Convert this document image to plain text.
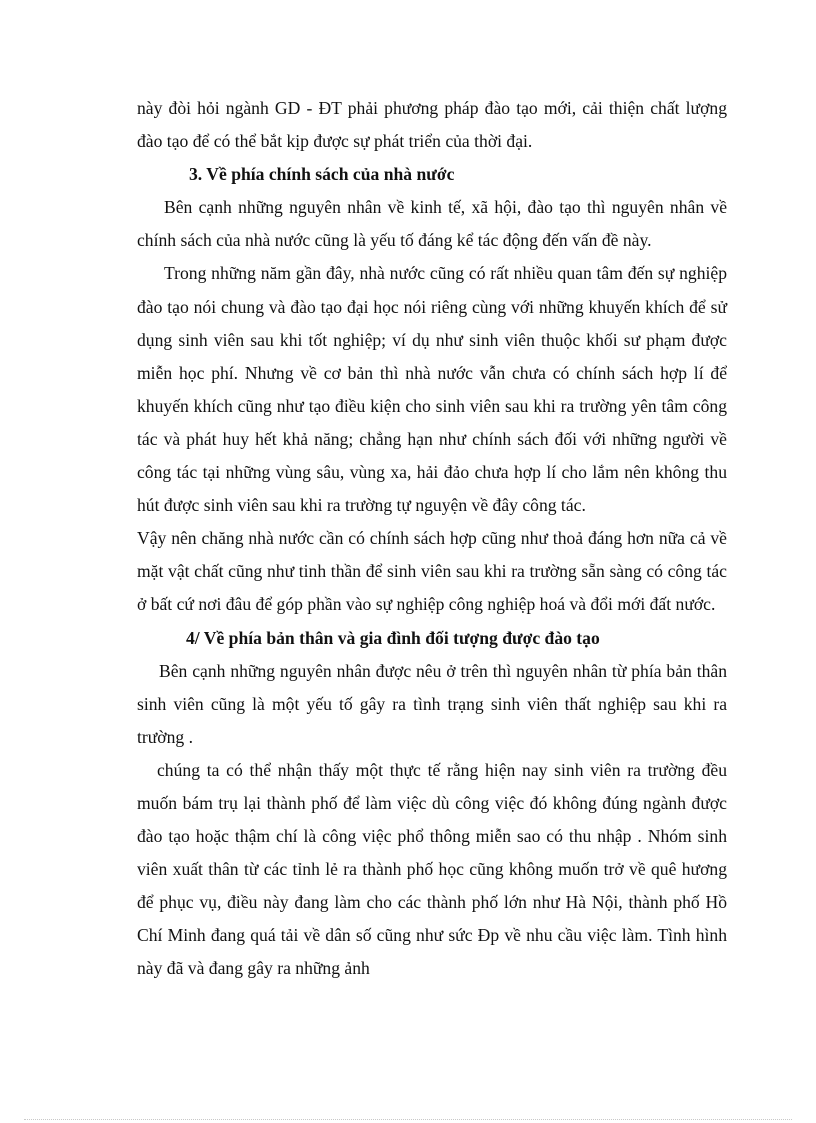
này đòi hỏi ngành GD - ĐT phải phương pháp đào tạo mới, cải thiện chất lượng đào tạo để có thể bắt kịp được sự phát triển của thời đại.

3. Về phía chính sách của nhà nước

Bên cạnh những nguyên nhân về kinh tế, xã hội, đào tạo thì nguyên nhân về chính sách của nhà nước cũng là yếu tố đáng kể tác động đến vấn đề này.

Trong những năm gần đây, nhà nước cũng có rất nhiều quan tâm đến sự nghiệp đào tạo nói chung và đào tạo đại học nói riêng cùng với những khuyến khích để sử dụng sinh viên sau khi tốt nghiệp; ví dụ như sinh viên thuộc khối sư phạm được miễn học phí. Nhưng về cơ bản thì nhà nước vẫn chưa có chính sách hợp lí để khuyến khích cũng như tạo điều kiện cho sinh viên sau khi ra trường yên tâm công tác và phát huy hết khả năng; chẳng hạn như chính sách đối với những người về công tác tại những vùng sâu, vùng xa, hải đảo chưa hợp lí cho lắm nên không thu hút được sinh viên sau khi ra trường tự nguyện về đây công tác.

Vậy nên chăng nhà nước cần có chính sách hợp cũng như thoả đáng hơn nữa cả về mặt vật chất cũng như tinh thần để sinh viên sau khi ra trường sẵn sàng có công tác ở bất cứ nơi đâu để góp phần vào sự nghiệp công nghiệp hoá và đổi mới đất nước.

4/ Về phía bản thân và gia đình đối tượng được đào tạo

Bên cạnh những nguyên nhân được nêu ở trên thì nguyên nhân từ phía bản thân sinh viên cũng là một yếu tố gây ra tình trạng sinh viên thất nghiệp sau khi ra trường .

chúng ta có thể nhận thấy một thực tế rằng hiện nay sinh viên ra trường đều muốn bám trụ lại thành phố để làm việc dù công việc đó không đúng ngành được đào tạo hoặc thậm chí là công việc phổ thông miễn sao có thu nhập . Nhóm sinh viên xuất thân từ các tỉnh lẻ ra thành phố học cũng không muốn trở về quê hương để phục vụ, điều này đang làm cho các thành phố lớn như Hà Nội, thành phố Hồ Chí Minh đang quá tải về dân số cũng như sức Ðp về nhu cầu việc làm. Tình hình này đã và đang gây ra những ảnh
